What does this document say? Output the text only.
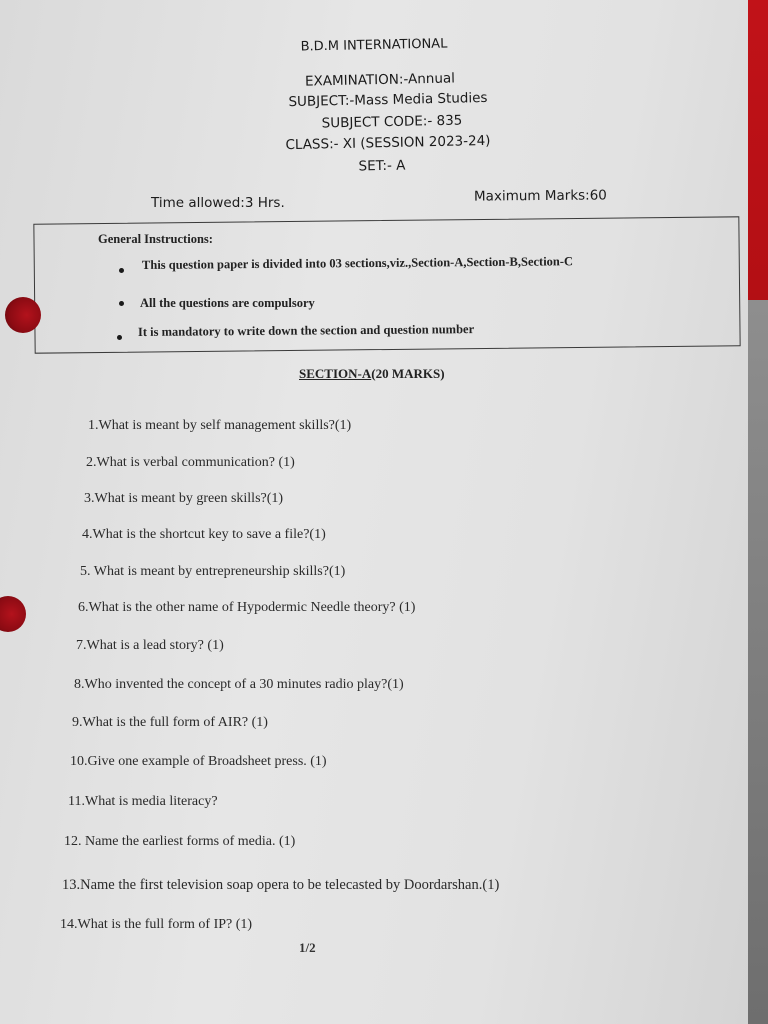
B.D.M INTERNATIONAL
EXAMINATION:-Annual
SUBJECT:-Mass Media Studies
SUBJECT CODE:- 835
CLASS:- XI (SESSION 2023-24)
SET:- A
Time allowed:3 Hrs.	Maximum Marks:60
General Instructions:
This question paper is divided into 03 sections,viz.,Section-A,Section-B,Section-C
All the questions are compulsory
It is mandatory to write down the section and question number
SECTION-A(20 MARKS)
1.What is meant by self management skills?(1)
2.What is verbal communication? (1)
3.What is meant by green skills?(1)
4.What is the shortcut key to save a file?(1)
5. What is meant by entrepreneurship skills?(1)
6.What is the other name of Hypodermic Needle theory? (1)
7.What is a lead story? (1)
8.Who invented the concept of a 30 minutes radio play?(1)
9.What is the full form of AIR? (1)
10.Give one example of Broadsheet press. (1)
11.What is media literacy?
12. Name the earliest forms of media. (1)
13.Name the first television soap opera to be telecasted by Doordarshan.(1)
14.What is the full form of IP? (1)
1/2
